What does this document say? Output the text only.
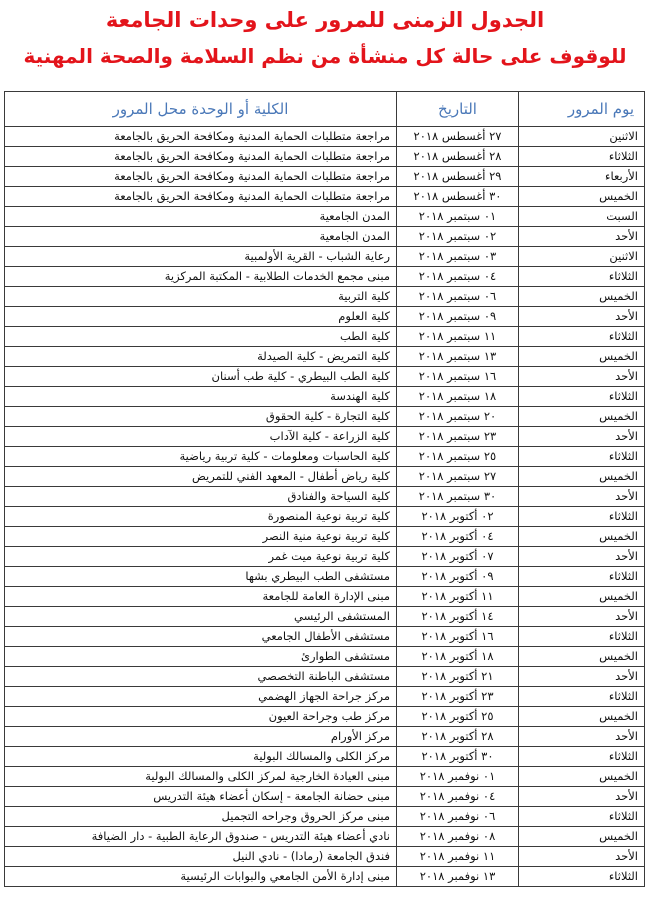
الجدول الزمنى للمرور على وحدات الجامعة

للوقوف على حالة كل منشأة من نظم السلامة والصحة المهنية

يوم المرور	التاريخ	الكلية أو الوحدة محل المرور
الاثنين	٢٧ أغسطس ٢٠١٨	مراجعة متطلبات الحماية المدنية ومكافحة الحريق بالجامعة
الثلاثاء	٢٨ أغسطس ٢٠١٨	مراجعة متطلبات الحماية المدنية ومكافحة الحريق بالجامعة
الأربعاء	٢٩ أغسطس ٢٠١٨	مراجعة متطلبات الحماية المدنية ومكافحة الحريق بالجامعة
الخميس	٣٠ أغسطس ٢٠١٨	مراجعة متطلبات الحماية المدنية ومكافحة الحريق بالجامعة
السبت	٠١ سبتمبر ٢٠١٨	المدن الجامعية
الأحد	٠٢ سبتمبر ٢٠١٨	المدن الجامعية
الاثنين	٠٣ سبتمبر ٢٠١٨	رعاية الشباب - القرية الأولمبية
الثلاثاء	٠٤ سبتمبر ٢٠١٨	مبنى مجمع الخدمات الطلابية - المكتبة المركزية
الخميس	٠٦ سبتمبر ٢٠١٨	كلية التربية
الأحد	٠٩ سبتمبر ٢٠١٨	كلية العلوم
الثلاثاء	١١ سبتمبر ٢٠١٨	كلية الطب
الخميس	١٣ سبتمبر ٢٠١٨	كلية التمريض - كلية الصيدلة
الأحد	١٦ سبتمبر ٢٠١٨	كلية الطب البيطري - كلية طب أسنان
الثلاثاء	١٨ سبتمبر ٢٠١٨	كلية الهندسة
الخميس	٢٠ سبتمبر ٢٠١٨	كلية التجارة - كلية الحقوق
الأحد	٢٣ سبتمبر ٢٠١٨	كلية الزراعة - كلية الآداب
الثلاثاء	٢٥ سبتمبر ٢٠١٨	كلية الحاسبات ومعلومات - كلية تربية رياضية
الخميس	٢٧ سبتمبر ٢٠١٨	كلية رياض أطفال - المعهد الفني للتمريض
الأحد	٣٠ سبتمبر ٢٠١٨	كلية السياحة والفنادق
الثلاثاء	٠٢ أكتوبر ٢٠١٨	كلية تربية نوعية المنصورة
الخميس	٠٤ أكتوبر ٢٠١٨	كلية تربية نوعية منية النصر
الأحد	٠٧ أكتوبر ٢٠١٨	كلية تربية نوعية ميت غمر
الثلاثاء	٠٩ أكتوبر ٢٠١٨	مستشفى الطب البيطري بشها
الخميس	١١ أكتوبر ٢٠١٨	مبنى الإدارة العامة للجامعة
الأحد	١٤ أكتوبر ٢٠١٨	المستشفى الرئيسي
الثلاثاء	١٦ أكتوبر ٢٠١٨	مستشفى الأطفال الجامعي
الخميس	١٨ أكتوبر ٢٠١٨	مستشفى الطوارئ
الأحد	٢١ أكتوبر ٢٠١٨	مستشفى الباطنة التخصصي
الثلاثاء	٢٣ أكتوبر ٢٠١٨	مركز جراحة الجهاز الهضمي
الخميس	٢٥ أكتوبر ٢٠١٨	مركز طب وجراحة العيون
الأحد	٢٨ أكتوبر ٢٠١٨	مركز الأورام
الثلاثاء	٣٠ أكتوبر ٢٠١٨	مركز الكلى والمسالك البولية
الخميس	٠١ نوفمبر ٢٠١٨	مبنى العيادة الخارجية لمركز الكلى والمسالك البولية
الأحد	٠٤ نوفمبر ٢٠١٨	مبنى حضانة الجامعة - إسكان أعضاء هيئة التدريس
الثلاثاء	٠٦ نوفمبر ٢٠١٨	مبنى مركز الحروق وجراحه التجميل
الخميس	٠٨ نوفمبر ٢٠١٨	نادي أعضاء هيئة التدريس - صندوق الرعاية الطبية - دار الضيافة
الأحد	١١ نوفمبر ٢٠١٨	فندق الجامعة (رمادا) - نادي النيل
الثلاثاء	١٣ نوفمبر ٢٠١٨	مبنى إدارة الأمن الجامعي والبوابات الرئيسية
